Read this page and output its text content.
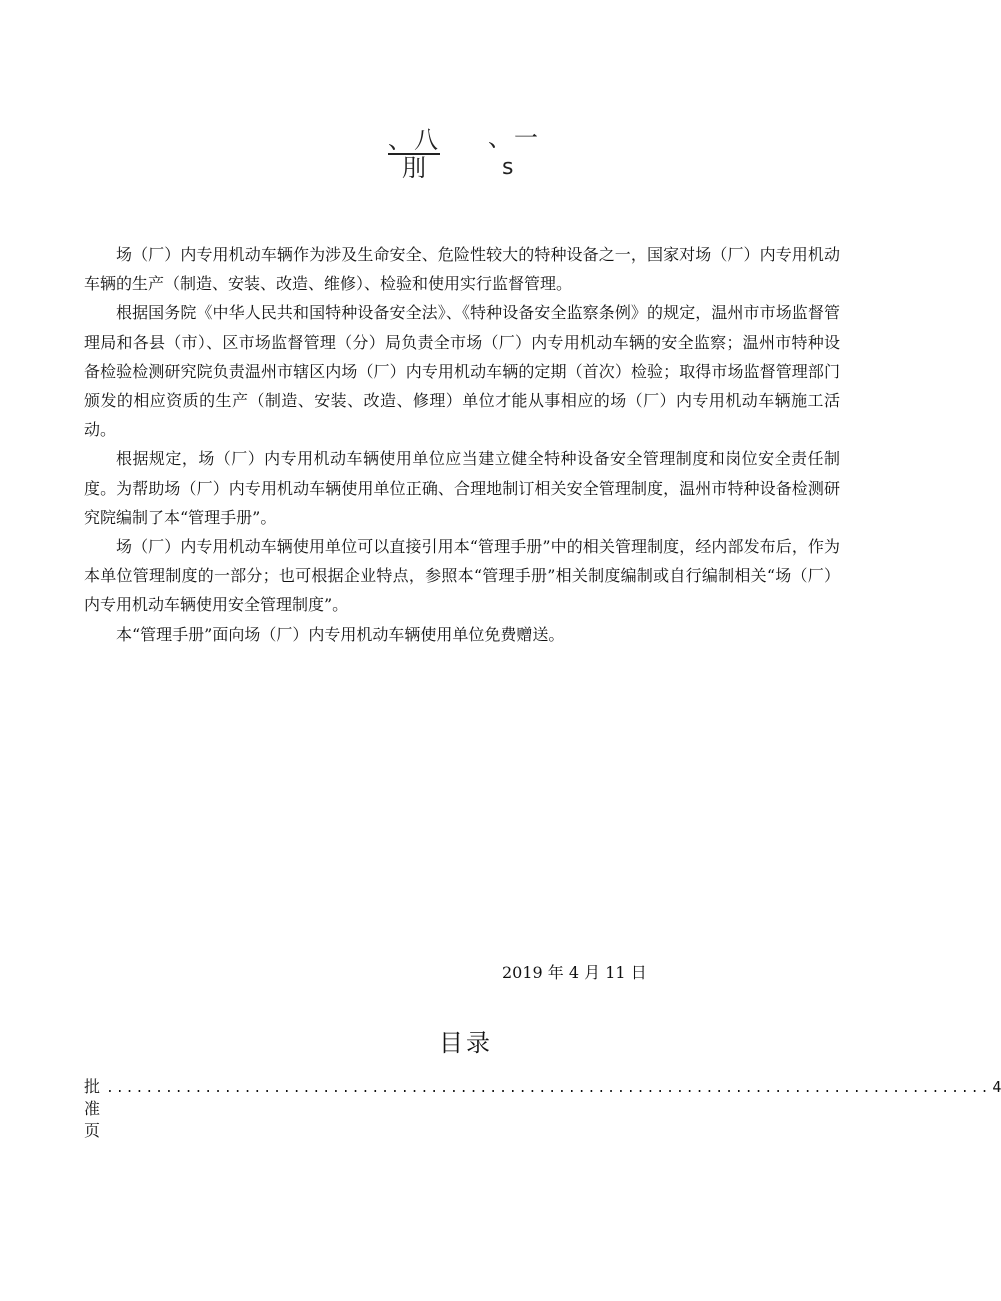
、八 、一
刖	s

场（厂）内专用机动车辆作为涉及生命安全、危险性较大的特种设备之一，国家对场（厂）内专用机动车辆的生产（制造、安装、改造、维修）、检验和使用实行监督管理。

根据国务院《中华人民共和国特种设备安全法》、《特种设备安全监察条例》的规定，温州市市场监督管理局和各县（市）、区市场监督管理（分）局负责全市场（厂）内专用机动车辆的安全监察；温州市特种设备检验检测研究院负责温州市辖区内场（厂）内专用机动车辆的定期（首次）检验；取得市场监督管理部门颁发的相应资质的生产（制造、安装、改造、修理）单位才能从事相应的场（厂）内专用机动车辆施工活动。

根据规定，场（厂）内专用机动车辆使用单位应当建立健全特种设备安全管理制度和岗位安全责任制度。为帮助场（厂）内专用机动车辆使用单位正确、合理地制订相关安全管理制度，温州市特种设备检测研究院编制了本“管理手册”。

场（厂）内专用机动车辆使用单位可以直接引用本“管理手册”中的相关管理制度，经内部发布后，作为本单位管理制度的一部分；也可根据企业特点，参照本“管理手册”相关制度编制或自行编制相关“场（厂）内专用机动车辆使用安全管理制度”。

本“管理手册”面向场（厂）内专用机动车辆使用单位免费赠送。

2019 年 4 月 11 日
目录
批准页
.......................................................................................... 4
